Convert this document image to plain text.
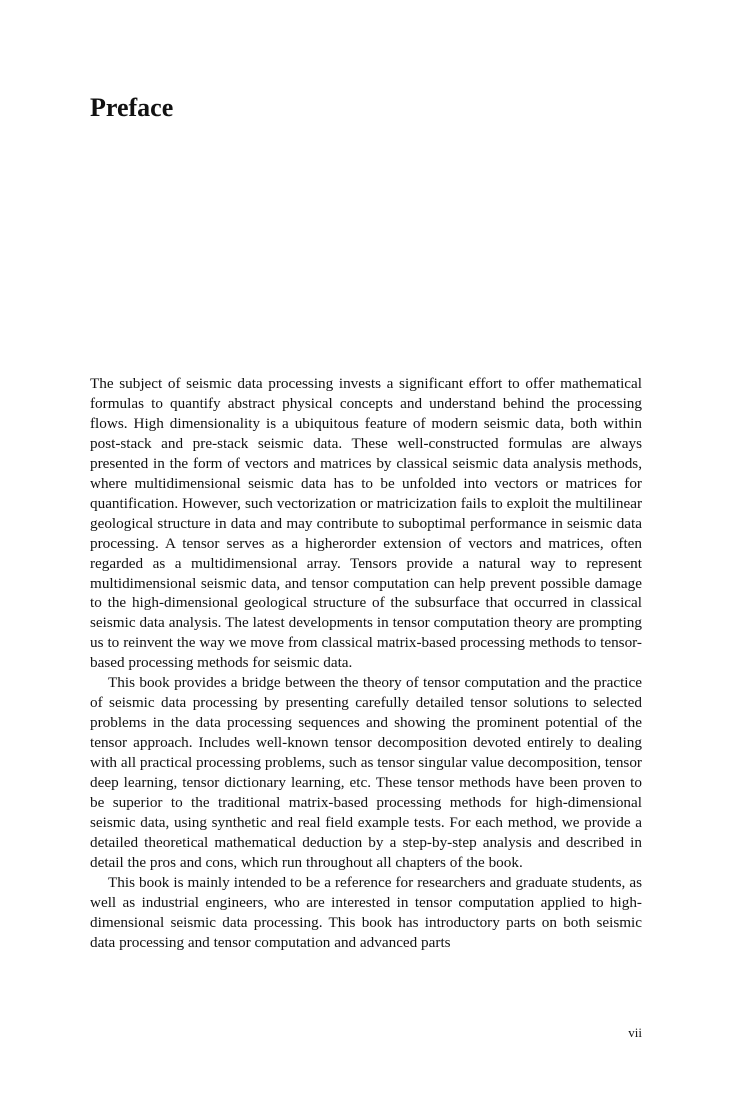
Preface

The subject of seismic data processing invests a significant effort to offer mathematical formulas to quantify abstract physical concepts and understand behind the processing flows. High dimensionality is a ubiquitous feature of modern seismic data, both within post-stack and pre-stack seismic data. These well-constructed formulas are always presented in the form of vectors and matrices by classical seismic data analysis methods, where multidimensional seismic data has to be unfolded into vectors or matrices for quantification. However, such vectorization or matricization fails to exploit the multilinear geological structure in data and may contribute to suboptimal performance in seismic data processing. A tensor serves as a higherorder extension of vectors and matrices, often regarded as a multidimensional array. Tensors provide a natural way to represent multidimensional seismic data, and tensor computation can help prevent possible damage to the high-dimensional geological structure of the subsurface that occurred in classical seismic data analysis. The latest developments in tensor computation theory are prompting us to reinvent the way we move from classical matrix-based processing methods to tensor-based processing methods for seismic data.

This book provides a bridge between the theory of tensor computation and the practice of seismic data processing by presenting carefully detailed tensor solutions to selected problems in the data processing sequences and showing the prominent potential of the tensor approach. Includes well-known tensor decomposition devoted entirely to dealing with all practical processing problems, such as tensor singular value decomposition, tensor deep learning, tensor dictionary learning, etc. These tensor methods have been proven to be superior to the traditional matrix-based processing methods for high-dimensional seismic data, using synthetic and real field example tests. For each method, we provide a detailed theoretical mathematical deduction by a step-by-step analysis and described in detail the pros and cons, which run throughout all chapters of the book.

This book is mainly intended to be a reference for researchers and graduate students, as well as industrial engineers, who are interested in tensor computation applied to high-dimensional seismic data processing. This book has introductory parts on both seismic data processing and tensor computation and advanced parts

vii
